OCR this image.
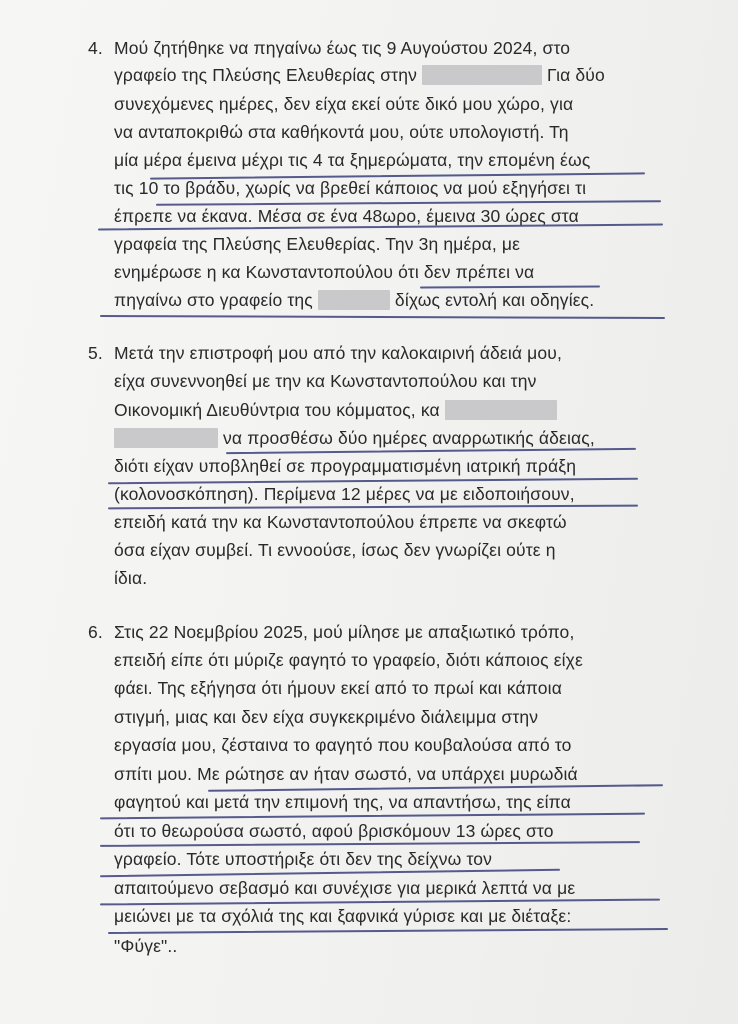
4. Μού ζητήθηκε να πηγαίνω έως τις 9 Αυγούστου 2024, στο
γραφείο της Πλεύσης Ελευθερίας στην	Για δύο
συνεχόμενες ημέρες, δεν είχα εκεί ούτε δικό μου χώρο, για
να ανταποκριθώ στα καθήκοντά μου, ούτε υπολογιστή. Τη
μία μέρα έμεινα μέχρι τις 4 τα ξημερώματα, την επομένη έως
τις 10 το βράδυ, χωρίς να βρεθεί κάποιος να μού εξηγήσει τι
έπρεπε να έκανα. Μέσα σε ένα 48ωρο, έμεινα 30 ώρες στα
γραφεία της Πλεύσης Ελευθερίας. Την 3η ημέρα, με
ενημέρωσε η κα Κωνσταντοπούλου ότι δεν πρέπει να
πηγαίνω στο γραφείο της	δίχως εντολή και οδηγίες.
5. Μετά την επιστροφή μου από την καλοκαιρινή άδειά μου,
είχα συνεννοηθεί με την κα Κωνσταντοπούλου και την
Οικονομική Διευθύντρια του κόμματος, κα
να προσθέσω δύο ημέρες αναρρωτικής άδειας,
διότι είχαν υποβληθεί σε προγραμματισμένη ιατρική πράξη
(κολονοσκόπηση). Περίμενα 12 μέρες να με ειδοποιήσουν,
επειδή κατά την κα Κωνσταντοπούλου έπρεπε να σκεφτώ
όσα είχαν συμβεί. Τι εννοούσε, ίσως δεν γνωρίζει ούτε η
ίδια.
6. Στις 22 Νοεμβρίου 2025, μού μίλησε με απαξιωτικό τρόπο,
επειδή είπε ότι μύριζε φαγητό το γραφείο, διότι κάποιος είχε
φάει. Της εξήγησα ότι ήμουν εκεί από το πρωί και κάποια
στιγμή, μιας και δεν είχα συγκεκριμένο διάλειμμα στην
εργασία μου, ζέσταινα το φαγητό που κουβαλούσα από το
σπίτι μου. Με ρώτησε αν ήταν σωστό, να υπάρχει μυρωδιά
φαγητού και μετά την επιμονή της, να απαντήσω, της είπα
ότι το θεωρούσα σωστό, αφού βρισκόμουν 13 ώρες στο
γραφείο. Τότε υποστήριξε ότι δεν της δείχνω τον
απαιτούμενο σεβασμό και συνέχισε για μερικά λεπτά να με
μειώνει με τα σχόλιά της και ξαφνικά γύρισε και με διέταξε:
"Φύγε"..
